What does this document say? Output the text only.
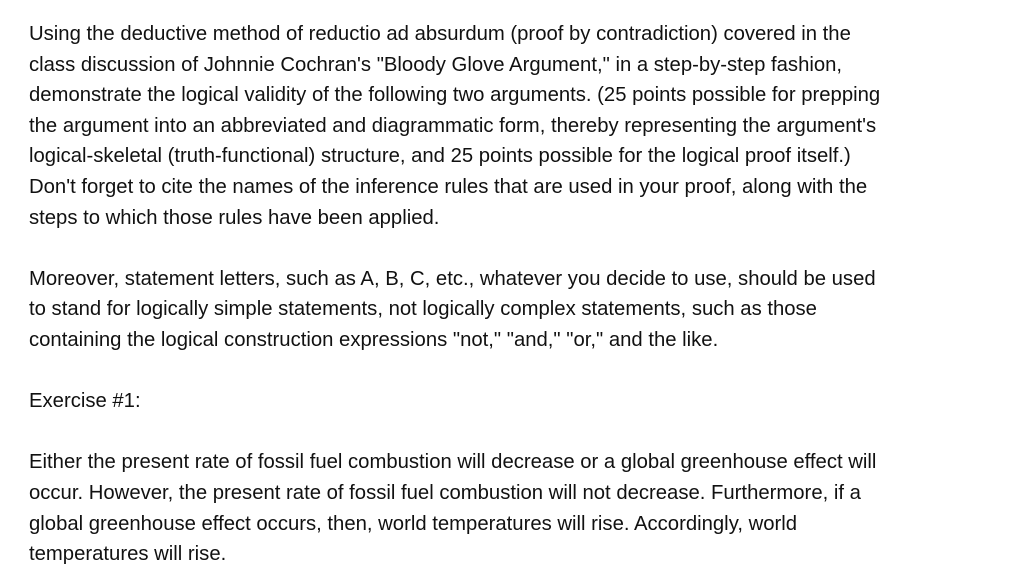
Using the deductive method of reductio ad absurdum (proof by contradiction) covered in the
class discussion of Johnnie Cochran's "Bloody Glove Argument," in a step-by-step fashion,
demonstrate the logical validity of the following two arguments. (25 points possible for prepping
the argument into an abbreviated and diagrammatic form, thereby representing the argument's
logical-skeletal (truth-functional) structure, and 25 points possible for the logical proof itself.)
Don't forget to cite the names of the inference rules that are used in your proof, along with the
steps to which those rules have been applied.
Moreover, statement letters, such as A, B, C, etc., whatever you decide to use, should be used
to stand for logically simple statements, not logically complex statements, such as those
containing the logical construction expressions "not," "and," "or," and the like.
Exercise #1:
Either the present rate of fossil fuel combustion will decrease or a global greenhouse effect will
occur. However, the present rate of fossil fuel combustion will not decrease. Furthermore, if a
global greenhouse effect occurs, then, world temperatures will rise. Accordingly, world
temperatures will rise.
